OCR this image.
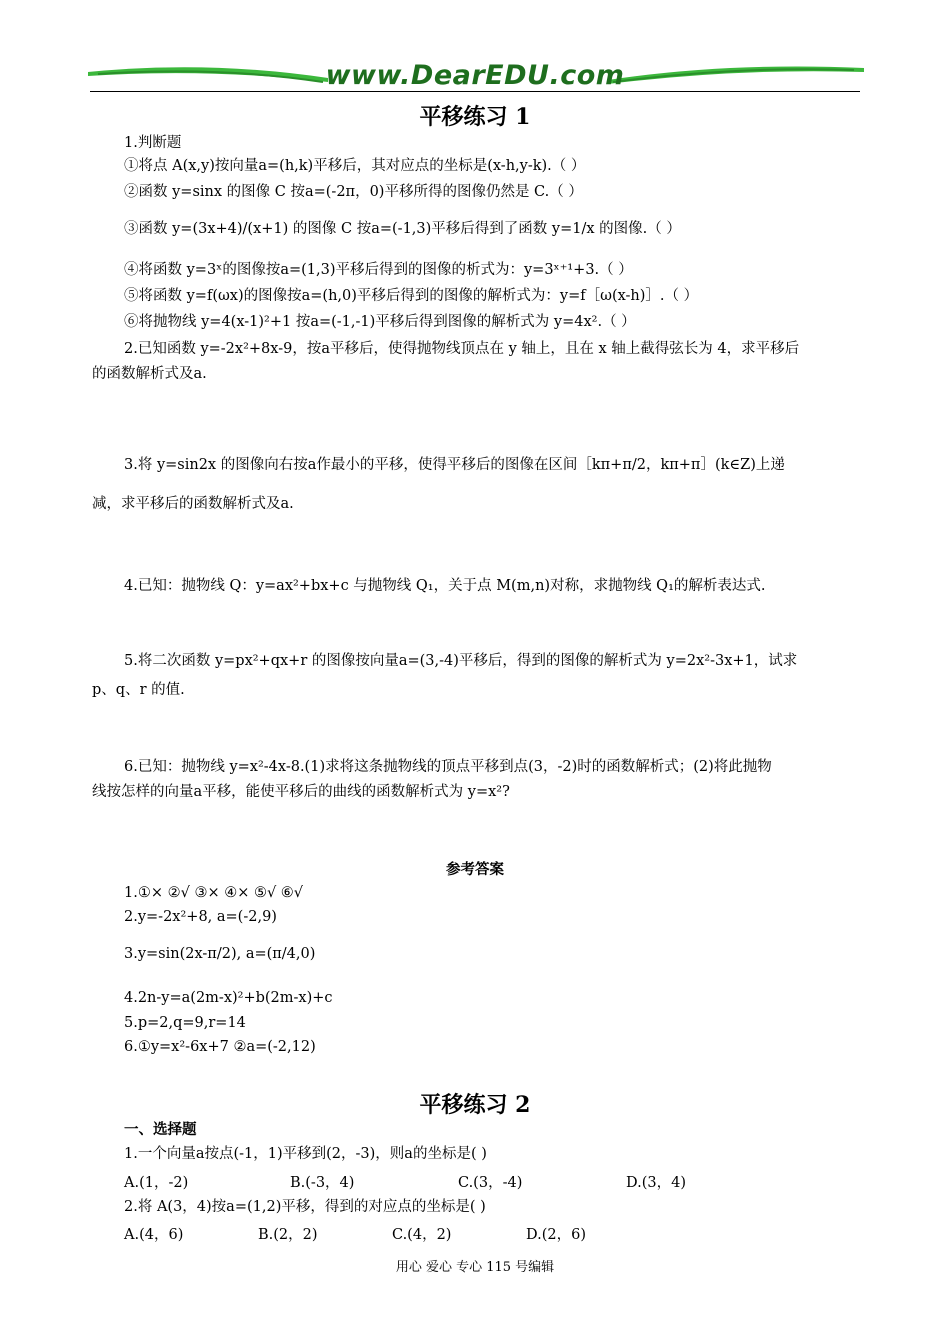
www.DearEDU.com
平移练习 1
1.判断题
①将点 A(x,y)按向量a=(h,k)平移后，其对应点的坐标是(x-h,y-k).（ ）
②函数 y=sinx 的图像 C 按a=(-2π，0)平移所得的图像仍然是 C.（ ）
③函数 y=(3x+4)/(x+1) 的图像 C 按a=(-1,3)平移后得到了函数 y=1/x 的图像.（ ）
④将函数 y=3ˣ的图像按a=(1,3)平移后得到的图像的析式为：y=3ˣ⁺¹+3.（ ）
⑤将函数 y=f(ωx)的图像按a=(h,0)平移后得到的图像的解析式为：y=f［ω(x-h)］.（ ）
⑥将抛物线 y=4(x-1)²+1 按a=(-1,-1)平移后得到图像的解析式为 y=4x².（ ）
2.已知函数 y=-2x²+8x-9，按a平移后，使得抛物线顶点在 y 轴上，且在 x 轴上截得弦长为 4，求平移后
的函数解析式及a.
3.将 y=sin2x 的图像向右按a作最小的平移，使得平移后的图像在区间［kπ+π/2，kπ+π］(k∈Z)上递
减，求平移后的函数解析式及a.
4.已知：抛物线 Q：y=ax²+bx+c 与抛物线 Q₁，关于点 M(m,n)对称，求抛物线 Q₁的解析表达式.
5.将二次函数 y=px²+qx+r 的图像按向量a=(3,-4)平移后，得到的图像的解析式为 y=2x²-3x+1，试求
p、q、r 的值.
6.已知：抛物线 y=x²-4x-8.(1)求将这条抛物线的顶点平移到点(3，-2)时的函数解析式；(2)将此抛物
线按怎样的向量a平移，能使平移后的曲线的函数解析式为 y=x²?
参考答案
1.①× ②√ ③× ④× ⑤√ ⑥√
2.y=-2x²+8, a=(-2,9)
3.y=sin(2x-π/2), a=(π/4,0)
4.2n-y=a(2m-x)²+b(2m-x)+c
5.p=2,q=9,r=14
6.①y=x²-6x+7 ②a=(-2,12)
平移练习 2
一、选择题
1.一个向量a按点(-1，1)平移到(2，-3)，则a的坐标是( )
A.(1，-2)	B.(-3，4)	C.(3，-4)	D.(3，4)
2.将 A(3，4)按a=(1,2)平移，得到的对应点的坐标是( )
A.(4，6)	B.(2，2)	C.(4，2)	D.(2，6)
用心 爱心 专心 115 号编辑
